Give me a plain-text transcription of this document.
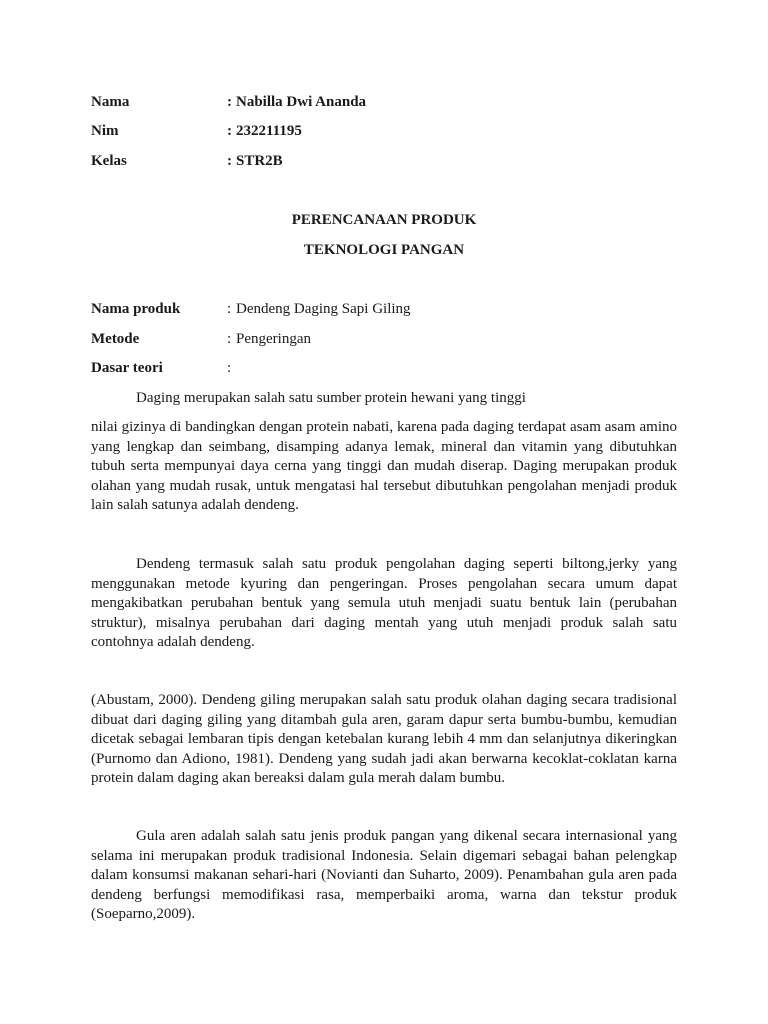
Nama	: Nabilla Dwi Ananda
Nim	: 232211195
Kelas	: STR2B
PERENCANAAN PRODUK
TEKNOLOGI PANGAN
Nama produk	: Dendeng Daging Sapi Giling
Metode	: Pengeringan
Dasar teori	:
Daging merupakan salah satu sumber protein hewani yang tinggi

nilai gizinya di bandingkan dengan protein nabati, karena pada daging terdapat asam asam amino yang lengkap dan seimbang, disamping adanya lemak, mineral dan vitamin yang dibutuhkan tubuh serta mempunyai daya cerna yang tinggi dan mudah diserap. Daging merupakan produk olahan yang mudah rusak, untuk mengatasi hal tersebut dibutuhkan pengolahan menjadi produk lain salah satunya adalah dendeng.

Dendeng termasuk salah satu produk pengolahan daging seperti biltong,jerky yang menggunakan metode kyuring dan pengeringan. Proses pengolahan secara umum dapat mengakibatkan perubahan bentuk yang semula utuh menjadi suatu bentuk lain (perubahan struktur), misalnya perubahan dari daging mentah yang utuh menjadi produk salah satu contohnya adalah dendeng.

(Abustam, 2000). Dendeng giling merupakan salah satu produk olahan daging secara tradisional dibuat dari daging giling yang ditambah gula aren, garam dapur serta bumbu-bumbu, kemudian dicetak sebagai lembaran tipis dengan ketebalan kurang lebih 4 mm dan selanjutnya dikeringkan (Purnomo dan Adiono, 1981). Dendeng yang sudah jadi akan berwarna kecoklat-coklatan karna protein dalam daging akan bereaksi dalam gula merah dalam bumbu.

Gula aren adalah salah satu jenis produk pangan yang dikenal secara internasional yang selama ini merupakan produk tradisional Indonesia. Selain digemari sebagai bahan pelengkap dalam konsumsi makanan sehari-hari (Novianti dan Suharto, 2009). Penambahan gula aren pada dendeng berfungsi memodifikasi rasa, memperbaiki aroma, warna dan tekstur produk (Soeparno,2009).
